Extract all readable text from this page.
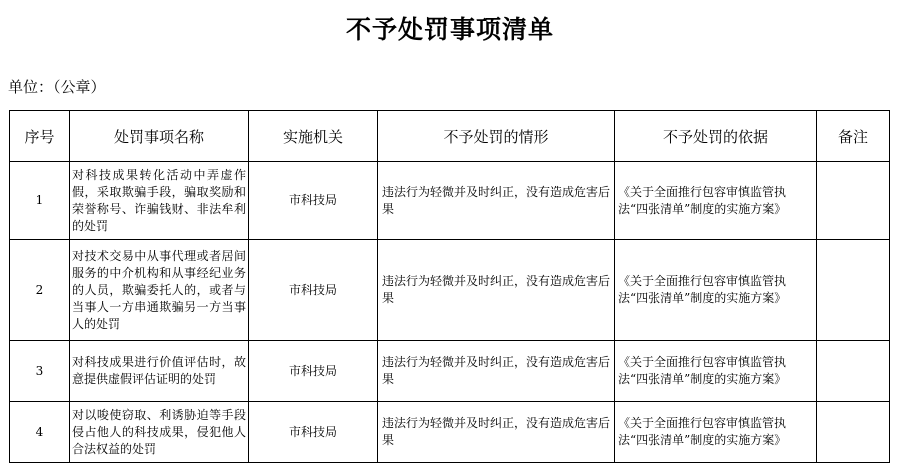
不予处罚事项清单
单位：（公章）
序号	处罚事项名称	实施机关	不予处罚的情形	不予处罚的依据	备注
1	对科技成果转化活动中弄虚作假，采取欺骗手段，骗取奖励和荣誉称号、诈骗钱财、非法牟利的处罚	市科技局	违法行为轻微并及时纠正，没有造成危害后果	《关于全面推行包容审慎监管执法“四张清单”制度的实施方案》	
2	对技术交易中从事代理或者居间服务的中介机构和从事经纪业务的人员，欺骗委托人的，或者与当事人一方串通欺骗另一方当事人的处罚	市科技局	违法行为轻微并及时纠正，没有造成危害后果	《关于全面推行包容审慎监管执法“四张清单”制度的实施方案》	
3	对科技成果进行价值评估时，故意提供虚假评估证明的处罚	市科技局	违法行为轻微并及时纠正，没有造成危害后果	《关于全面推行包容审慎监管执法“四张清单”制度的实施方案》	
4	对以唆使窃取、利诱胁迫等手段侵占他人的科技成果，侵犯他人合法权益的处罚	市科技局	违法行为轻微并及时纠正，没有造成危害后果	《关于全面推行包容审慎监管执法“四张清单”制度的实施方案》	
